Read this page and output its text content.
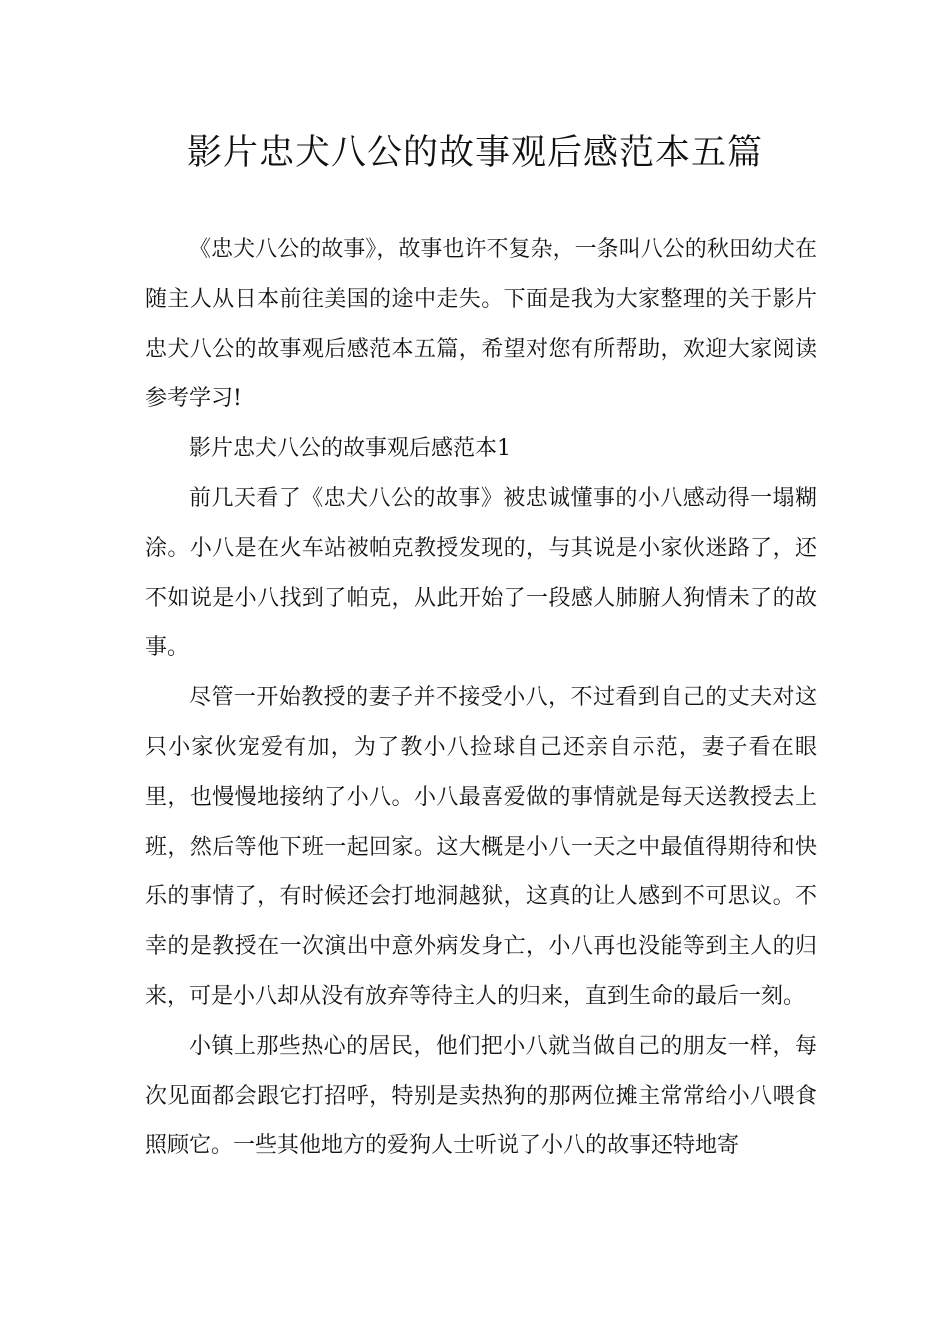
影片忠犬八公的故事观后感范本五篇

《忠犬八公的故事》，故事也许不复杂，一条叫八公的秋田幼犬在随主人从日本前往美国的途中走失。下面是我为大家整理的关于影片忠犬八公的故事观后感范本五篇，希望对您有所帮助，欢迎大家阅读参考学习!

影片忠犬八公的故事观后感范本1

前几天看了《忠犬八公的故事》被忠诚懂事的小八感动得一塌糊涂。小八是在火车站被帕克教授发现的，与其说是小家伙迷路了，还不如说是小八找到了帕克，从此开始了一段感人肺腑人狗情未了的故事。

尽管一开始教授的妻子并不接受小八，不过看到自己的丈夫对这只小家伙宠爱有加，为了教小八捡球自己还亲自示范，妻子看在眼里，也慢慢地接纳了小八。小八最喜爱做的事情就是每天送教授去上班，然后等他下班一起回家。这大概是小八一天之中最值得期待和快乐的事情了，有时候还会打地洞越狱，这真的让人感到不可思议。不幸的是教授在一次演出中意外病发身亡，小八再也没能等到主人的归来，可是小八却从没有放弃等待主人的归来，直到生命的最后一刻。

小镇上那些热心的居民，他们把小八就当做自己的朋友一样，每次见面都会跟它打招呼，特别是卖热狗的那两位摊主常常给小八喂食照顾它。一些其他地方的爱狗人士听说了小八的故事还特地寄
